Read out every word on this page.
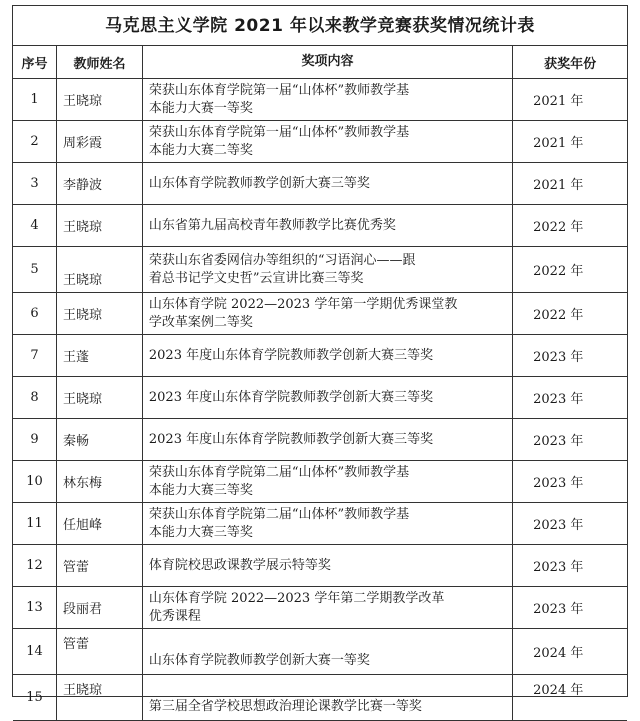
马克思主义学院 2021 年以来教学竞赛获奖情况统计表
序号	教师姓名	奖项内容	获奖年份
1	王晓琼	荣获山东体育学院第一届“山体杯”教师教学基
本能力大赛一等奖	2021 年
2	周彩霞	荣获山东体育学院第一届“山体杯”教师教学基
本能力大赛二等奖	2021 年
3	李静波	山东体育学院教师教学创新大赛三等奖	2021 年
4	王晓琼	山东省第九届高校青年教师教学比赛优秀奖	2022 年
5	王晓琼	荣获山东省委网信办等组织的“习语润心——跟
着总书记学文史哲”云宣讲比赛三等奖	2022 年
6	王晓琼	山东体育学院 2022—2023 学年第一学期优秀课堂教
学改革案例二等奖	2022 年
7	王蓬	2023 年度山东体育学院教师教学创新大赛三等奖	2023 年
8	王晓琼	2023 年度山东体育学院教师教学创新大赛三等奖	2023 年
9	秦畅	2023 年度山东体育学院教师教学创新大赛三等奖	2023 年
10	林东梅	荣获山东体育学院第二届“山体杯”教师教学基
本能力大赛三等奖	2023 年
11	任旭峰	荣获山东体育学院第二届“山体杯”教师教学基
本能力大赛三等奖	2023 年
12	管蕾	体育院校思政课教学展示特等奖	2023 年
13	段丽君	山东体育学院 2022—2023 学年第二学期教学改革
优秀课程	2023 年
14	管蕾	山东体育学院教师教学创新大赛一等奖	2024 年
15	王晓琼	第三届全省学校思想政治理论课教学比赛一等奖	2024 年
